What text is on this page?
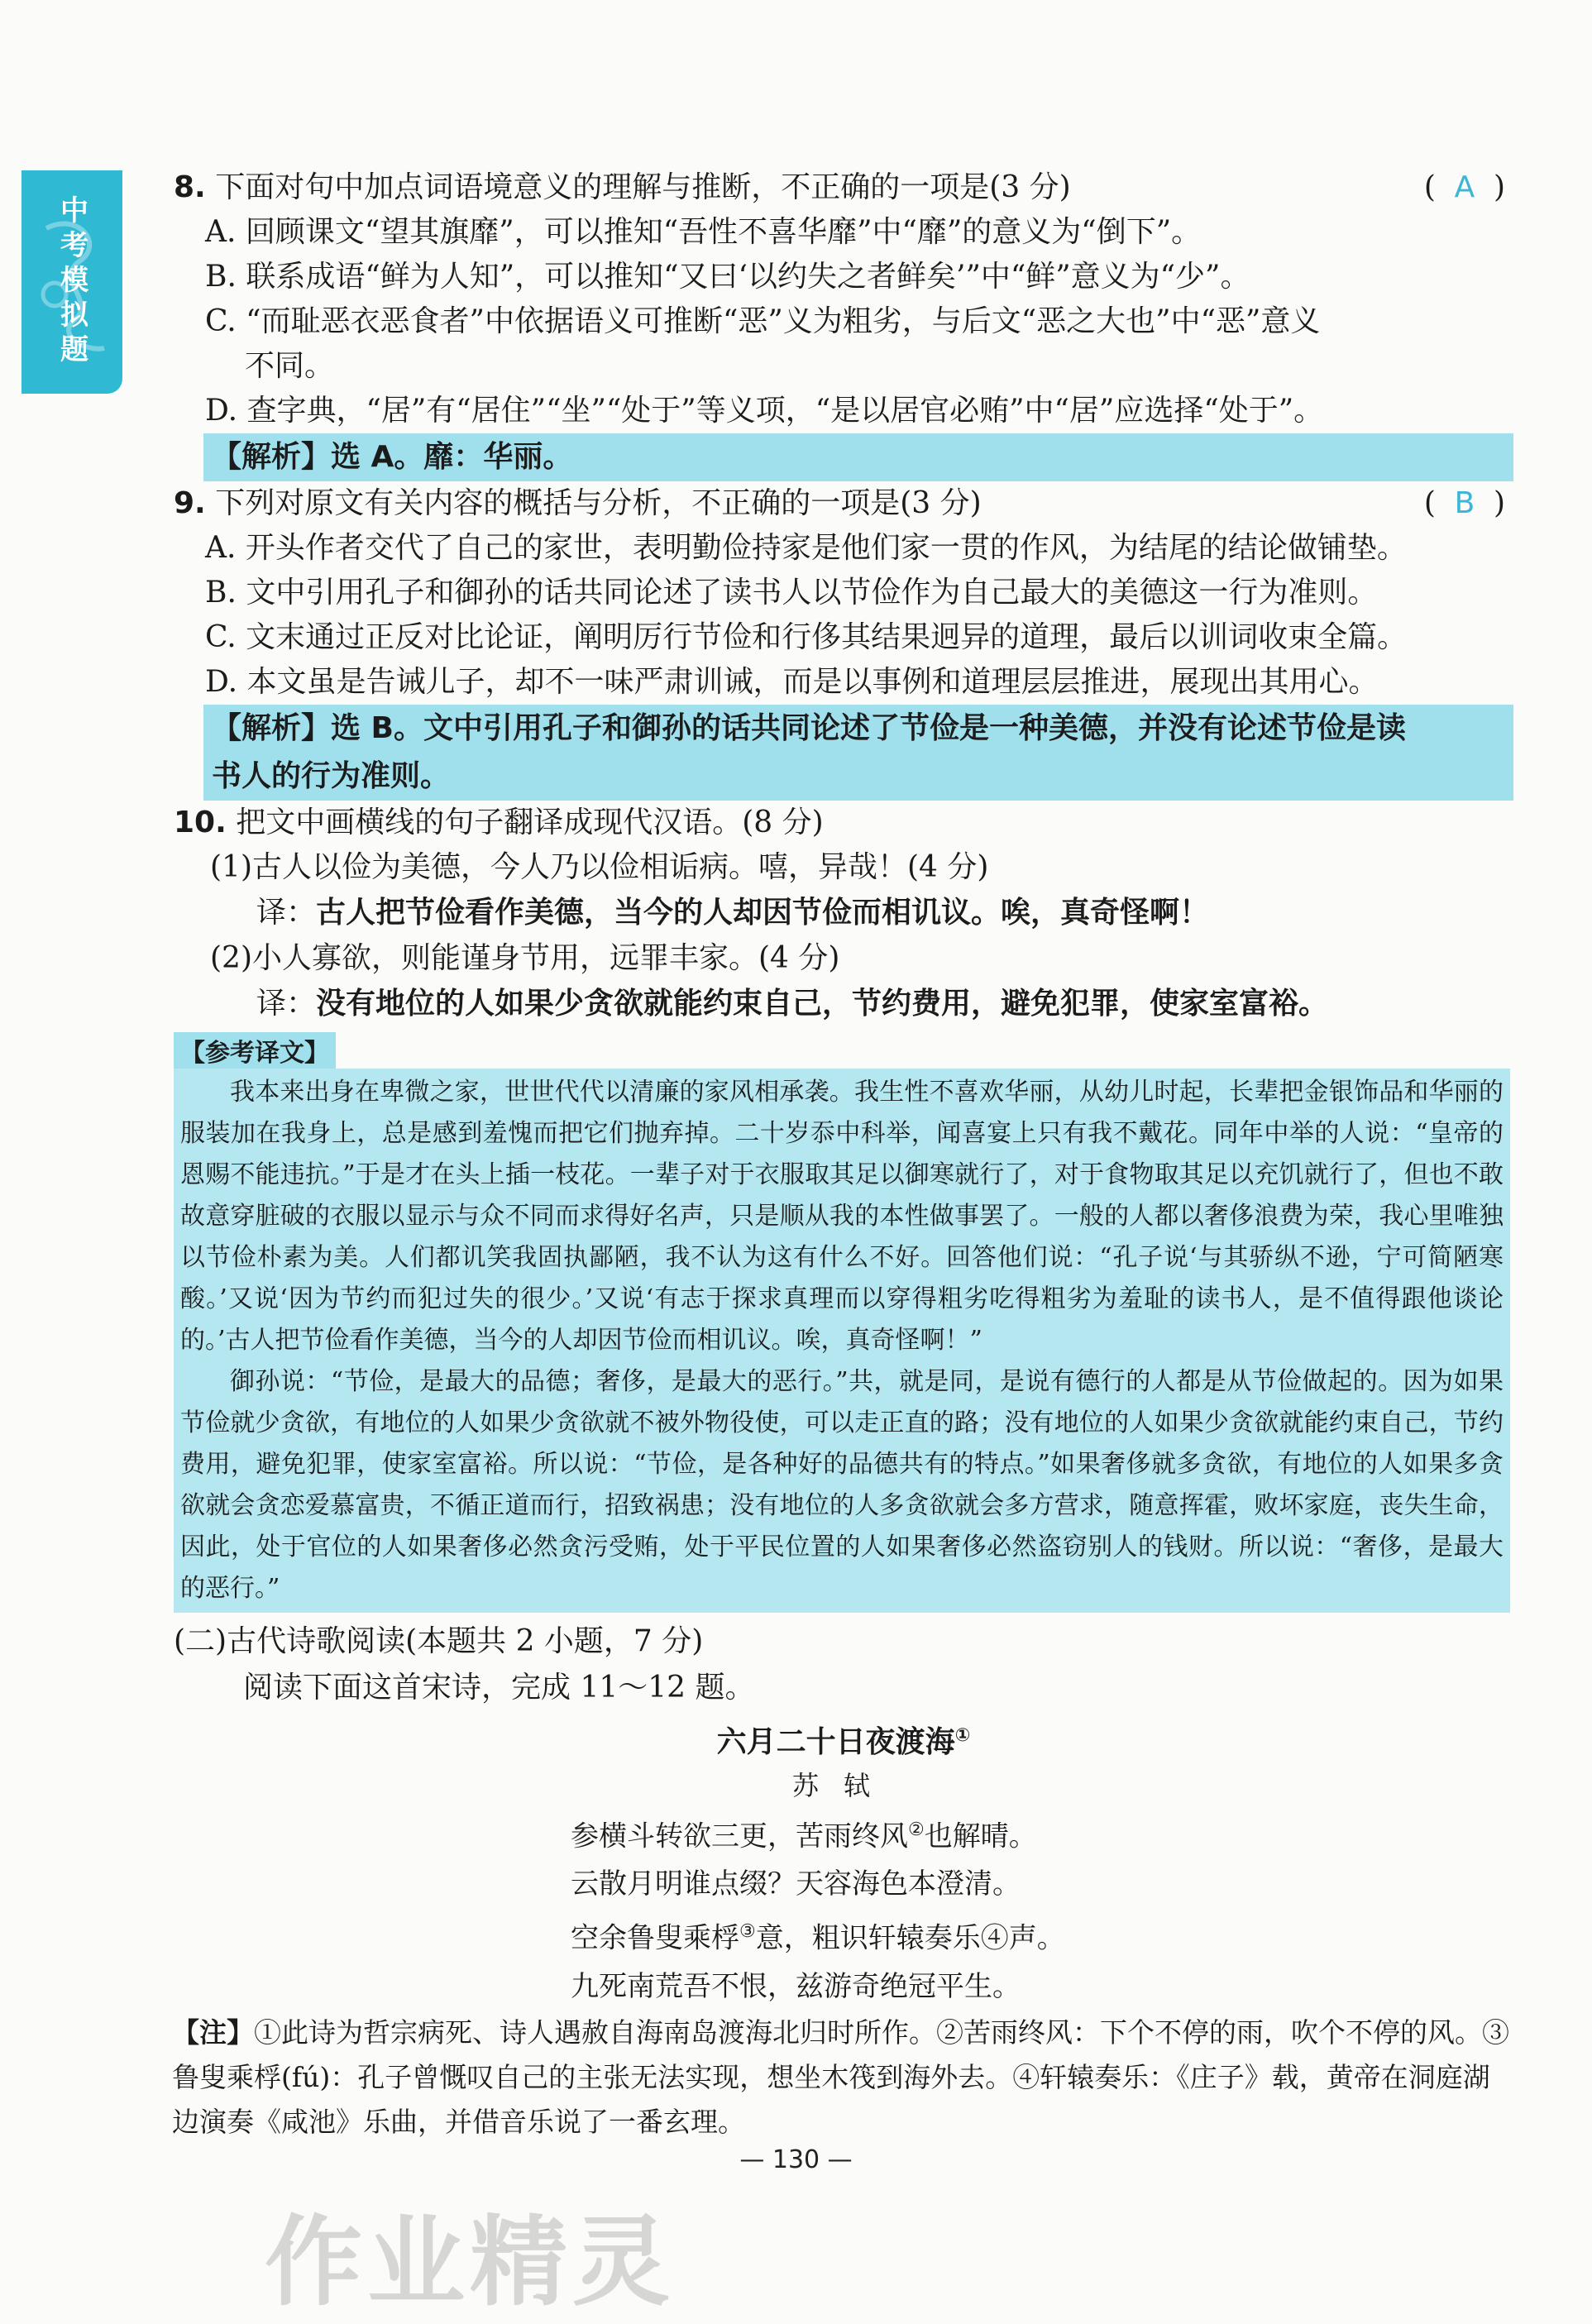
中考模拟题
8. 下面对句中加点词语境意义的理解与推断，不正确的一项是(3 分)	( A )
A. 回顾课文“望其旗靡”，可以推知“吾性不喜华靡”中“靡”的意义为“倒下”。
B. 联系成语“鲜为人知”，可以推知“又曰‘以约失之者鲜矣’”中“鲜”意义为“少”。
C. “而耻恶衣恶食者”中依据语义可推断“恶”义为粗劣，与后文“恶之大也”中“恶”意义
不同。
D. 查字典，“居”有“居住”“坐”“处于”等义项，“是以居官必贿”中“居”应选择“处于”。
【解析】选 A。靡：华丽。
9. 下列对原文有关内容的概括与分析，不正确的一项是(3 分)	( B )
A. 开头作者交代了自己的家世，表明勤俭持家是他们家一贯的作风，为结尾的结论做铺垫。
B. 文中引用孔子和御孙的话共同论述了读书人以节俭作为自己最大的美德这一行为准则。
C. 文末通过正反对比论证，阐明厉行节俭和行侈其结果迥异的道理，最后以训词收束全篇。
D. 本文虽是告诫儿子，却不一味严肃训诫，而是以事例和道理层层推进，展现出其用心。
【解析】选 B。文中引用孔子和御孙的话共同论述了节俭是一种美德，并没有论述节俭是读
书人的行为准则。
10. 把文中画横线的句子翻译成现代汉语。(8 分)
(1)古人以俭为美德，今人乃以俭相诟病。嘻，异哉！(4 分)
译：古人把节俭看作美德，当今的人却因节俭而相讥议。唉，真奇怪啊！
(2)小人寡欲，则能谨身节用，远罪丰家。(4 分)
译：没有地位的人如果少贪欲就能约束自己，节约费用，避免犯罪，使家室富裕。
【参考译文】

我本来出身在卑微之家，世世代代以清廉的家风相承袭。我生性不喜欢华丽，从幼儿时起，长辈把金银饰品和华丽的服装加在我身上，总是感到羞愧而把它们抛弃掉。二十岁忝中科举，闻喜宴上只有我不戴花。同年中举的人说：“皇帝的恩赐不能违抗。”于是才在头上插一枝花。一辈子对于衣服取其足以御寒就行了，对于食物取其足以充饥就行了，但也不敢故意穿脏破的衣服以显示与众不同而求得好名声，只是顺从我的本性做事罢了。一般的人都以奢侈浪费为荣，我心里唯独以节俭朴素为美。人们都讥笑我固执鄙陋，我不认为这有什么不好。回答他们说：“孔子说‘与其骄纵不逊，宁可简陋寒酸。’又说‘因为节约而犯过失的很少。’又说‘有志于探求真理而以穿得粗劣吃得粗劣为羞耻的读书人，是不值得跟他谈论的。’古人把节俭看作美德，当今的人却因节俭而相讥议。唉，真奇怪啊！”

御孙说：“节俭，是最大的品德；奢侈，是最大的恶行。”共，就是同，是说有德行的人都是从节俭做起的。因为如果节俭就少贪欲，有地位的人如果少贪欲就不被外物役使，可以走正直的路；没有地位的人如果少贪欲就能约束自己，节约费用，避免犯罪，使家室富裕。所以说：“节俭，是各种好的品德共有的特点。”如果奢侈就多贪欲，有地位的人如果多贪欲就会贪恋爱慕富贵，不循正道而行，招致祸患；没有地位的人多贪欲就会多方营求，随意挥霍，败坏家庭，丧失生命，因此，处于官位的人如果奢侈必然贪污受贿，处于平民位置的人如果奢侈必然盗窃别人的钱财。所以说：“奢侈，是最大的恶行。”

(二)古代诗歌阅读(本题共 2 小题，7 分)
阅读下面这首宋诗，完成 11～12 题。
六月二十日夜渡海①
苏轼
参横斗转欲三更，苦雨终风②也解晴。
云散月明谁点缀？天容海色本澄清。
空余鲁叟乘桴③意，粗识轩辕奏乐④声。
九死南荒吾不恨，兹游奇绝冠平生。
【注】①此诗为哲宗病死、诗人遇赦自海南岛渡海北归时所作。②苦雨终风：下个不停的雨，吹个不停的风。③鲁叟乘桴(fú)：孔子曾慨叹自己的主张无法实现，想坐木筏到海外去。④轩辕奏乐：《庄子》载，黄帝在洞庭湖边演奏《咸池》乐曲，并借音乐说了一番玄理。
— 130 —
作业精灵
